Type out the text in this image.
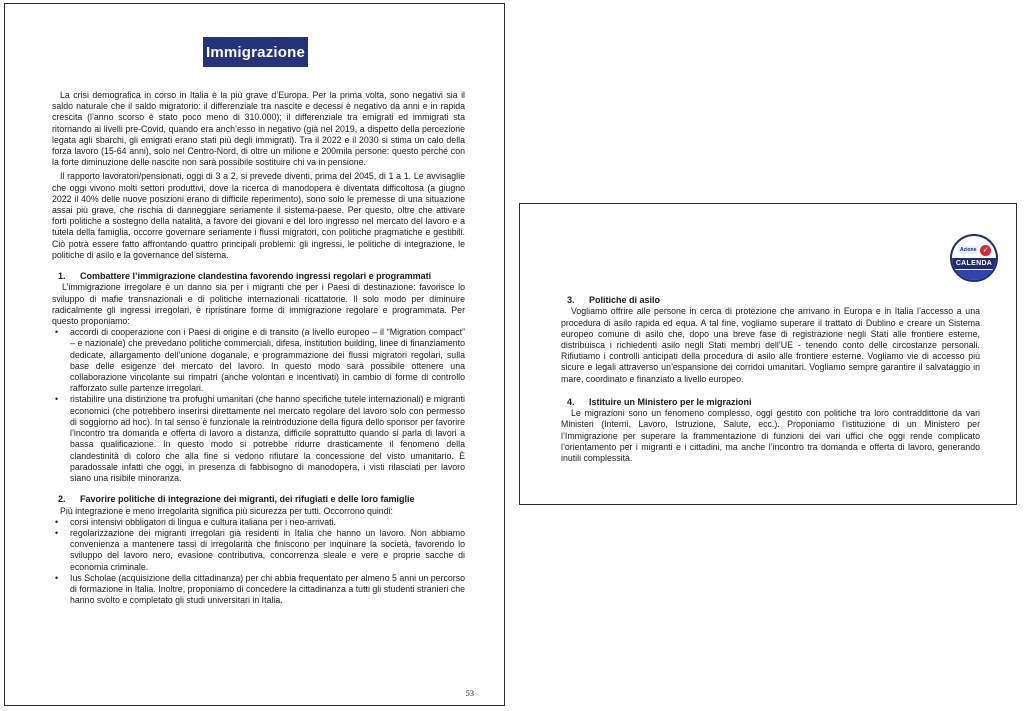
Immigrazione

La crisi demografica in corso in Italia è la più grave d’Europa. Per la prima volta, sono negativi sia il saldo naturale che il saldo migratorio: il differenziale tra nascite e decessi è negativo da anni e in rapida crescita (l’anno scorso è stato poco meno di 310.000); il differenziale tra emigrati ed immigrati sta ritornando ai livelli pre-Covid, quando era anch’esso in negativo (già nel 2019, a dispetto della percezione legata agli sbarchi, gli emigrati erano stati più degli immigrati). Tra il 2022 e il 2030 si stima un calo della forza lavoro (15-64 anni), solo nel Centro-Nord, di oltre un milione e 200mila persone: questo perché con la forte diminuzione delle nascite non sarà possibile sostituire chi va in pensione.

Il rapporto lavoratori/pensionati, oggi di 3 a 2, si prevede diventi, prima del 2045, di 1 a 1. Le avvisaglie che oggi vivono molti settori produttivi, dove la ricerca di manodopera è diventata difficoltosa (a giugno 2022 il 40% delle nuove posizioni erano di difficile reperimento), sono solo le premesse di una situazione assai più grave, che rischia di danneggiare seriamente il sistema-paese. Per questo, oltre che attivare forti politiche a sostegno della natalità, a favore dei giovani e del loro ingresso nel mercato del lavoro e a tutela della famiglia, occorre governare seriamente i flussi migratori, con politiche pragmatiche e gestibili. Ciò potrà essere fatto affrontando quattro principali problemi: gli ingressi, le politiche di integrazione, le politiche di asilo e la governance del sistema.

1.	Combattere l’immigrazione clandestina favorendo ingressi regolari e programmati

L’immigrazione irregolare è un danno sia per i migranti che per i Paesi di destinazione: favorisce lo sviluppo di mafie transnazionali e di politiche internazionali ricattatorie. Il solo modo per diminuire radicalmente gli ingressi irregolari, è ripristinare forme di immigrazione regolare e programmata. Per questo proponiamo:

• accordi di cooperazione con i Paesi di origine e di transito (a livello europeo – il “Migration compact” – e nazionale) che prevedano politiche commerciali, difesa, institution building, linee di finanziamento dedicate, allargamento dell’unione doganale, e programmazione dei flussi migratori regolari, sulla base delle esigenze del mercato del lavoro. In questo modo sarà possibile ottenere una collaborazione vincolante sui rimpatri (anche volontari e incentivati) in cambio di forme di controllo rafforzato sulle partenze irregolari.
• ristabilire una distinzione tra profughi umanitari (che hanno specifiche tutele internazionali) e migranti economici (che potrebbero inserirsi direttamente nel mercato regolare del lavoro solo con permesso di soggiorno ad hoc). In tal senso è funzionale la reintroduzione della figura dello sponsor per favorire l’incontro tra domanda e offerta di lavoro a distanza, difficile soprattutto quando si parla di lavori a bassa qualificazione. In questo modo si potrebbe ridurre drasticamente il fenomeno della clandestinità di coloro che alla fine si vedono rifiutare la concessione del visto umanitario. È paradossale infatti che oggi, in presenza di fabbisogno di manodopera, i visti rilasciati per lavoro siano una risibile minoranza.
2.	Favorire politiche di integrazione dei migranti, dei rifugiati e delle loro famiglie

Più integrazione e meno irregolarità significa più sicurezza per tutti. Occorrono quindi:

• corsi intensivi obbligatori di lingua e cultura italiana per i neo-arrivati.
• regolarizzazione dei migranti irregolari già residenti in Italia che hanno un lavoro. Non abbiamo convenienza a mantenere tassi di irregolarità che finiscono per inquinare la società, favorendo lo sviluppo del lavoro nero, evasione contributiva, concorrenza sleale e vere e proprie sacche di economia criminale.
• Ius Scholae (acquisizione della cittadinanza) per chi abbia frequentato per almeno 5 anni un percorso di formazione in Italia. Inoltre, proponiamo di concedere la cittadinanza a tutti gli studenti stranieri che hanno svolto e completato gli studi universitari in Italia.
53
Azione ✓
CALENDA
3.	Politiche di asilo

Vogliamo offrire alle persone in cerca di protezione che arrivano in Europa e in Italia l’accesso a una procedura di asilo rapida ed equa. A tal fine, vogliamo superare il trattato di Dublino e creare un Sistema europeo comune di asilo che, dopo una breve fase di registrazione negli Stati alle frontiere esterne, distribuisca i richiedenti asilo negli Stati membri dell’UE - tenendo conto delle circostanze personali. Rifiutiamo i controlli anticipati della procedura di asilo alle frontiere esterne. Vogliamo vie di accesso più sicure e legali attraverso un’espansione dei corridoi umanitari. Vogliamo sempre garantire il salvataggio in mare, coordinato e finanziato a livello europeo.

4.	Istituire un Ministero per le migrazioni

Le migrazioni sono un fenomeno complesso, oggi gestito con politiche tra loro contraddittorie da vari Ministeri (Interni, Lavoro, Istruzione, Salute, ecc.). Proponiamo l’istituzione di un Ministero per l’Immigrazione per superare la frammentazione di funzioni dei vari uffici che oggi rende complicato l’orientamento per i migranti e i cittadini, ma anche l’incontro tra domanda e offerta di lavoro, generando inutili complessità.
